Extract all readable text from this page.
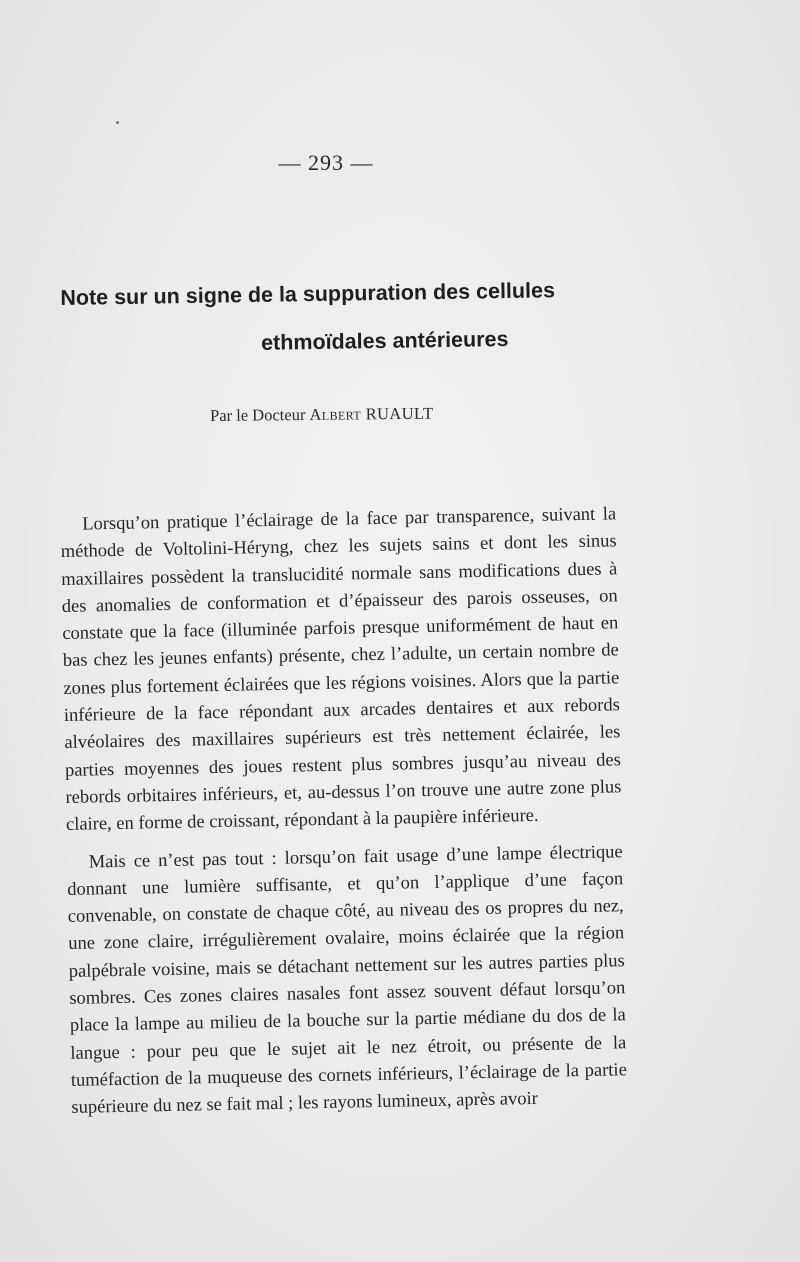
— 293 —
Note sur un signe de la suppuration des cellules
ethmoïdales antérieures
Par le Docteur Albert RUAULT

Lorsqu’on pratique l’éclairage de la face par transparence, suivant la méthode de Voltolini-Héryng, chez les sujets sains et dont les sinus maxillaires possèdent la translucidité normale sans modifications dues à des anomalies de conformation et d’épaisseur des parois osseuses, on constate que la face (illuminée parfois presque uniformément de haut en bas chez les jeunes enfants) présente, chez l’adulte, un certain nombre de zones plus fortement éclairées que les régions voisines. Alors que la partie inférieure de la face répondant aux arcades dentaires et aux rebords alvéolaires des maxillaires supérieurs est très nettement éclairée, les parties moyennes des joues restent plus sombres jusqu’au niveau des rebords orbitaires inférieurs, et, au-dessus l’on trouve une autre zone plus claire, en forme de croissant, répondant à la paupière inférieure.

Mais ce n’est pas tout : lorsqu’on fait usage d’une lampe électrique donnant une lumière suffisante, et qu’on l’applique d’une façon convenable, on constate de chaque côté, au niveau des os propres du nez, une zone claire, irrégulièrement ovalaire, moins éclairée que la région palpébrale voisine, mais se détachant nettement sur les autres parties plus sombres. Ces zones claires nasales font assez souvent défaut lorsqu’on place la lampe au milieu de la bouche sur la partie médiane du dos de la langue : pour peu que le sujet ait le nez étroit, ou présente de la tuméfaction de la muqueuse des cornets inférieurs, l’éclairage de la partie supérieure du nez se fait mal ; les rayons lumineux, après avoir
